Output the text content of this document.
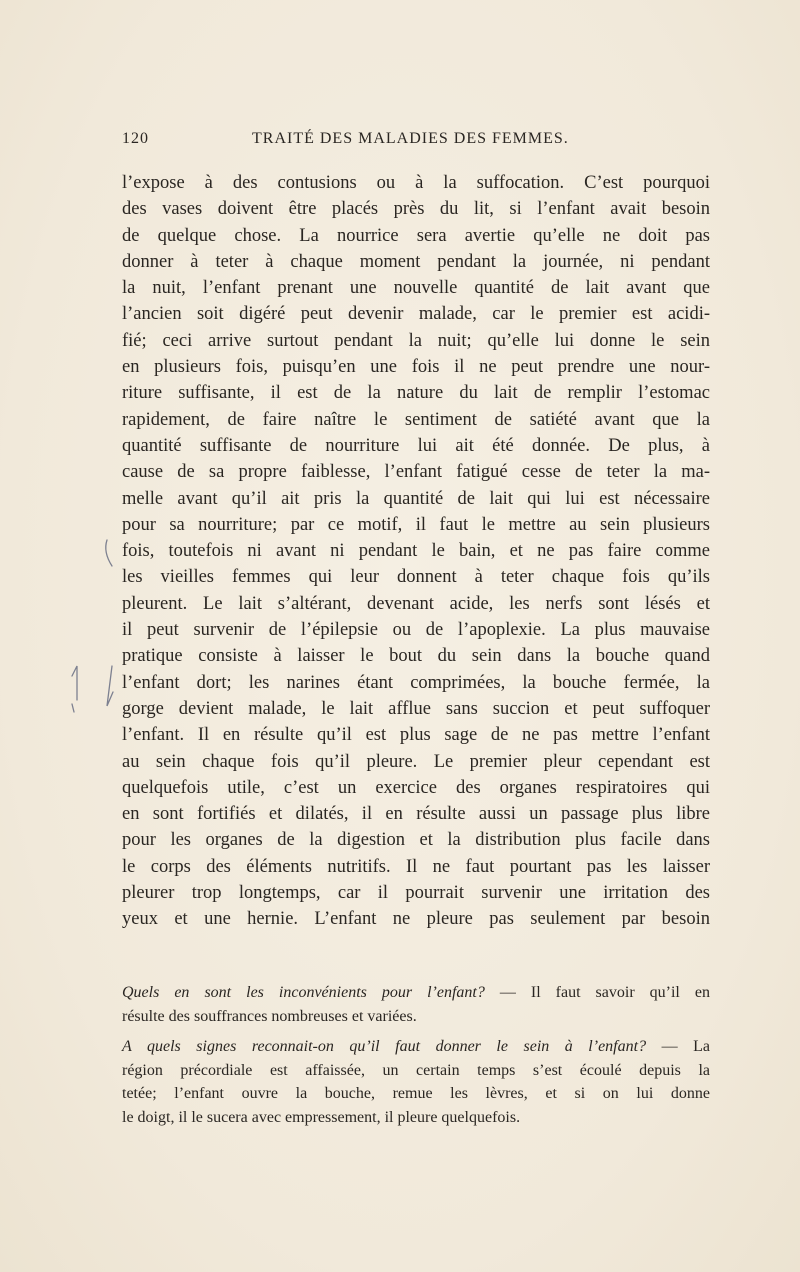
120	TRAITÉ DES MALADIES DES FEMMES.
l’expose à des contusions ou à la suffocation. C’est pourquoi
des vases doivent être placés près du lit, si l’enfant avait besoin
de quelque chose. La nourrice sera avertie qu’elle ne doit pas
donner à teter à chaque moment pendant la journée, ni pendant
la nuit, l’enfant prenant une nouvelle quantité de lait avant que
l’ancien soit digéré peut devenir malade, car le premier est acidi-
fié; ceci arrive surtout pendant la nuit; qu’elle lui donne le sein
en plusieurs fois, puisqu’en une fois il ne peut prendre une nour-
riture suffisante, il est de la nature du lait de remplir l’estomac
rapidement, de faire naître le sentiment de satiété avant que la
quantité suffisante de nourriture lui ait été donnée. De plus, à
cause de sa propre faiblesse, l’enfant fatigué cesse de teter la ma-
melle avant qu’il ait pris la quantité de lait qui lui est nécessaire
pour sa nourriture; par ce motif, il faut le mettre au sein plusieurs
fois, toutefois ni avant ni pendant le bain, et ne pas faire comme
les vieilles femmes qui leur donnent à teter chaque fois qu’ils
pleurent. Le lait s’altérant, devenant acide, les nerfs sont lésés et
il peut survenir de l’épilepsie ou de l’apoplexie. La plus mauvaise
pratique consiste à laisser le bout du sein dans la bouche quand
l’enfant dort; les narines étant comprimées, la bouche fermée, la
gorge devient malade, le lait afflue sans succion et peut suffoquer
l’enfant. Il en résulte qu’il est plus sage de ne pas mettre l’enfant
au sein chaque fois qu’il pleure. Le premier pleur cependant est
quelquefois utile, c’est un exercice des organes respiratoires qui
en sont fortifiés et dilatés, il en résulte aussi un passage plus libre
pour les organes de la digestion et la distribution plus facile dans
le corps des éléments nutritifs. Il ne faut pourtant pas les laisser
pleurer trop longtemps, car il pourrait survenir une irritation des
yeux et une hernie. L’enfant ne pleure pas seulement par besoin
Quels en sont les inconvénients pour l’enfant? — Il faut savoir qu’il en
résulte des souffrances nombreuses et variées.
A quels signes reconnait-on qu’il faut donner le sein à l’enfant? — La
région précordiale est affaissée, un certain temps s’est écoulé depuis la
tetée; l’enfant ouvre la bouche, remue les lèvres, et si on lui donne
le doigt, il le sucera avec empressement, il pleure quelquefois.
